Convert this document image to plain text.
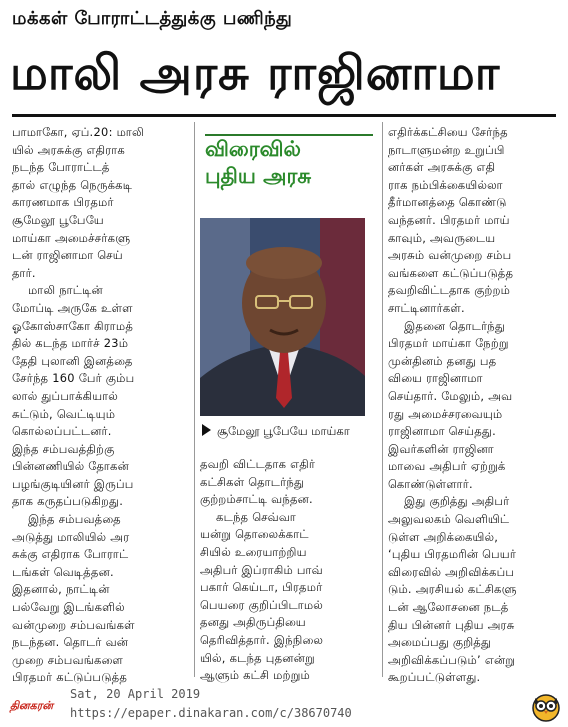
மக்கள் போராட்டத்துக்கு பணிந்து
மாலி அரசு ராஜினாமா

பாமாகோ, ஏப்.20: மாலி

யில் அரசுக்கு எதிராக

நடந்த போராட்டத்

தால் எழுந்த நெருக்கடி

காரணமாக பிரதமர்

சூமேலூ பூபேயே

மாய்கா அமைச்சர்களு

டன் ராஜினாமா செய்

தார்.

மாலி நாட்டின்

மோப்டி அருகே உள்ள

ஓகோஸ்சாகோ கிராமத்

தில் கடந்த மார்ச் 23ம்

தேதி புலானி இனத்தை

சேர்ந்த 160 பேர் கும்ப

லால் துப்பாக்கியால்

சுட்டும், வெட்டியும்

கொல்லப்பட்டனர்.

இந்த சம்பவத்திற்கு

பின்னணியில் தோகன்

பழங்குடியினர் இருப்ப

தாக கருதப்படுகிறது.

இந்த சம்பவத்தை

அடுத்து மாலியில் அர

சுக்கு எதிராக போராட்

டங்கள் வெடித்தன.

இதனால், நாட்டின்

பல்வேறு இடங்களில்

வன்முறை சம்பவங்கள்

நடந்தன. தொடர் வன்

முறை சம்பவங்களை

பிரதமர் கட்டுப்படுத்த

விரைவில்

புதிய அரசு

சூமேலூ பூபேயே மாய்கா

தவறி விட்டதாக எதிர்

கட்சிகள் தொடர்ந்து

குற்றம்சாட்டி வந்தன.

கடந்த செவ்வா

யன்று தொலைக்காட்

சியில் உரையாற்றிய

அதிபர் இப்ராகிம் பாவ்

பகார் கெய்டா, பிரதமர்

பெயரை குறிப்பிடாமல்

தனது அதிருப்தியை

தெரிவித்தார். இந்நிலை

யில், கடந்த புதனன்று

ஆளும் கட்சி மற்றும்

எதிர்க்கட்சியை சேர்ந்த

நாடாளுமன்ற உறுப்பி

னர்கள் அரசுக்கு எதி

ராக நம்பிக்கையில்லா

தீர்மானத்தை கொண்டு

வந்தனர். பிரதமர் மாய்

காவும், அவருடைய

அரசும் வன்முறை சம்ப

வங்களை கட்டுப்படுத்த

தவறிவிட்டதாக குற்றம்

சாட்டினார்கள்.

இதனை தொடர்ந்து

பிரதமர் மாய்கா நேற்று

முன்தினம் தனது பத

வியை ராஜினாமா

செய்தார். மேலும், அவ

ரது அமைச்சரவையும்

ராஜினாமா செய்தது.

இவர்களின் ராஜினா

மாவை அதிபர் ஏற்றுக்

கொண்டுள்ளார்.

இது குறித்து அதிபர்

அலுவலகம் வெளியிட்

டுள்ள அறிக்கையில்,

‘புதிய பிரதமரின் பெயர்

விரைவில் அறிவிக்கப்ப

டும். அரசியல் கட்சிகளு

டன் ஆலோசனை நடத்

திய பின்னர் புதிய அரசு

அமைப்பது குறித்து

அறிவிக்கப்படும்’ என்று

கூறப்பட்டுள்ளது.

தினகரன்
Sat, 20 April 2019
https://epaper.dinakaran.com/c/38670740
